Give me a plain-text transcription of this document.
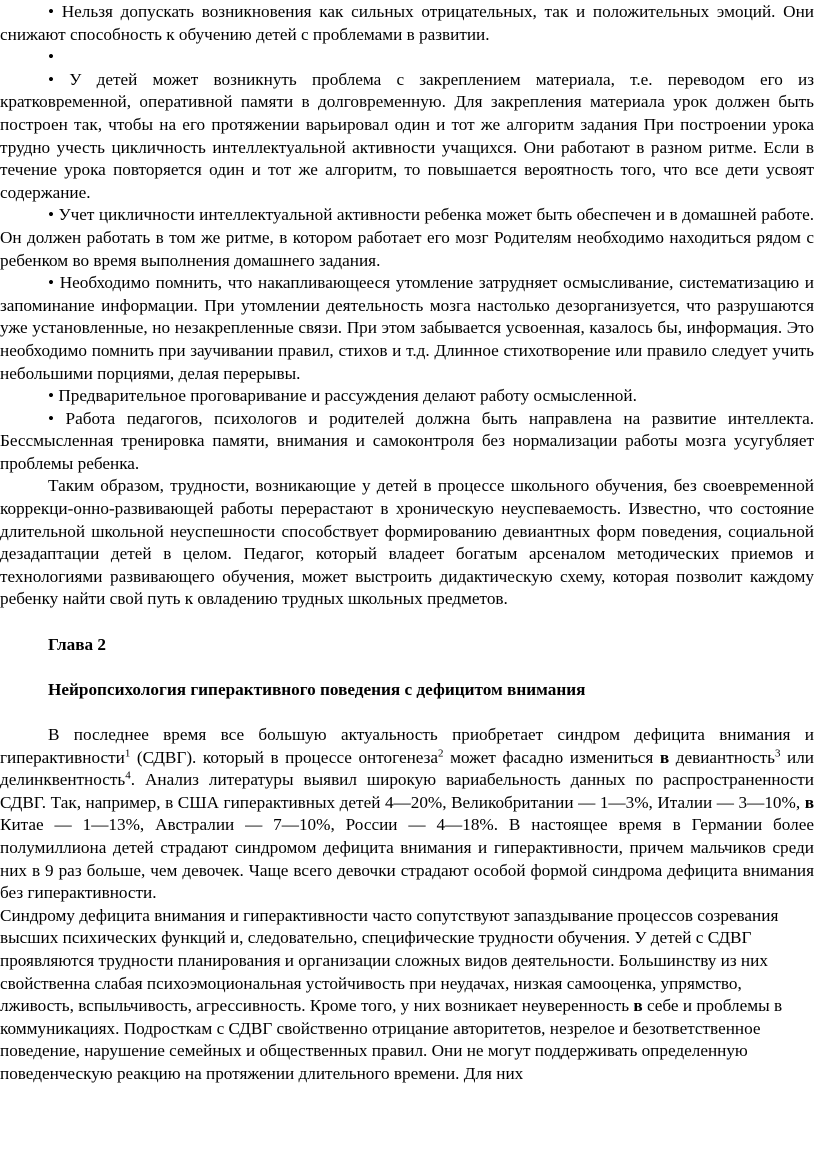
• Нельзя допускать возникновения как сильных отрицательных, так и положительных эмоций. Они снижают способность к обучению детей с проблемами в развитии.

•

• У детей может возникнуть проблема с закреплением материала, т.е. переводом его из кратковременной, оперативной памяти в долговременную. Для закрепления материала урок должен быть построен так, чтобы на его протяжении варьировал один и тот же алгоритм задания При построении урока трудно учесть цикличность интеллектуальной активности учащихся. Они работают в разном ритме. Если в течение урока повторяется один и тот же алгоритм, то повышается вероятность того, что все дети усвоят содержание.

• Учет цикличности интеллектуальной активности ребенка может быть обеспечен и в домашней работе. Он должен работать в том же ритме, в котором работает его мозг Родителям необходимо находиться рядом с ребенком во время выполнения домашнего задания.

• Необходимо помнить, что накапливающееся утомление затрудняет осмысливание, систематизацию и запоминание информации. При утомлении деятельность мозга настолько дезорганизуется, что разрушаются уже установленные, но незакрепленные связи. При этом забывается усвоенная, казалось бы, информация. Это необходимо помнить при заучивании правил, стихов и т.д. Длинное стихотворение или правило следует учить небольшими порциями, делая перерывы.

• Предварительное проговаривание и рассуждения делают работу осмысленной.

• Работа педагогов, психологов и родителей должна быть направлена на развитие интеллекта. Бессмысленная тренировка памяти, внимания и самоконтроля без нормализации работы мозга усугубляет проблемы ребенка.

Таким образом, трудности, возникающие у детей в процессе школьного обучения, без своевременной коррекци-онно-развивающей работы перерастают в хроническую неуспеваемость. Известно, что состояние длительной школьной неуспешности способствует формированию девиантных форм поведения, социальной дезадаптации детей в целом. Педагог, который владеет богатым арсеналом методических приемов и технологиями развивающего обучения, может выстроить дидактическую схему, которая позволит каждому ребенку найти свой путь к овладению трудных школьных предметов.

Глава 2

Нейропсихология гиперактивного поведения с дефицитом внимания

В последнее время все большую актуальность приобретает синдром дефицита внимания и гиперактивности$^1$ (СДВГ). который в процессе онтогенеза$^2$ может фасадно измениться в девиантность$^3$ или делинквентность$^4$. Анализ литературы выявил широкую вариабельность данных по распространенности СДВГ. Так, например, в США гиперактивных детей 4—20%, Великобритании — 1—3%, Италии — 3—10%, в Китае — 1—13%, Австралии — 7—10%, России — 4—18%. В настоящее время в Германии более полумиллиона детей страдают синдромом дефицита внимания и гиперактивности, причем мальчиков среди них в 9 раз больше, чем девочек. Чаще всего девочки страдают особой формой синдрома дефицита внимания без гиперактивности.

Синдрому дефицита внимания и гиперактивности часто сопутствуют запаздывание процессов созревания высших психических функций и, следовательно, специфические трудности обучения. У детей с СДВГ проявляются трудности планирования и организации сложных видов деятельности. Большинству из них свойственна слабая психоэмоциональная устойчивость при неудачах, низкая самооценка, упрямство, лживость, вспыльчивость, агрессивность. Кроме того, у них возникает неуверенность в себе и проблемы в коммуникациях. Подросткам с СДВГ свойственно отрицание авторитетов, незрелое и безответственное поведение, нарушение семейных и общественных правил. Они не могут поддерживать определенную поведенческую реакцию на протяжении длительного времени. Для них
